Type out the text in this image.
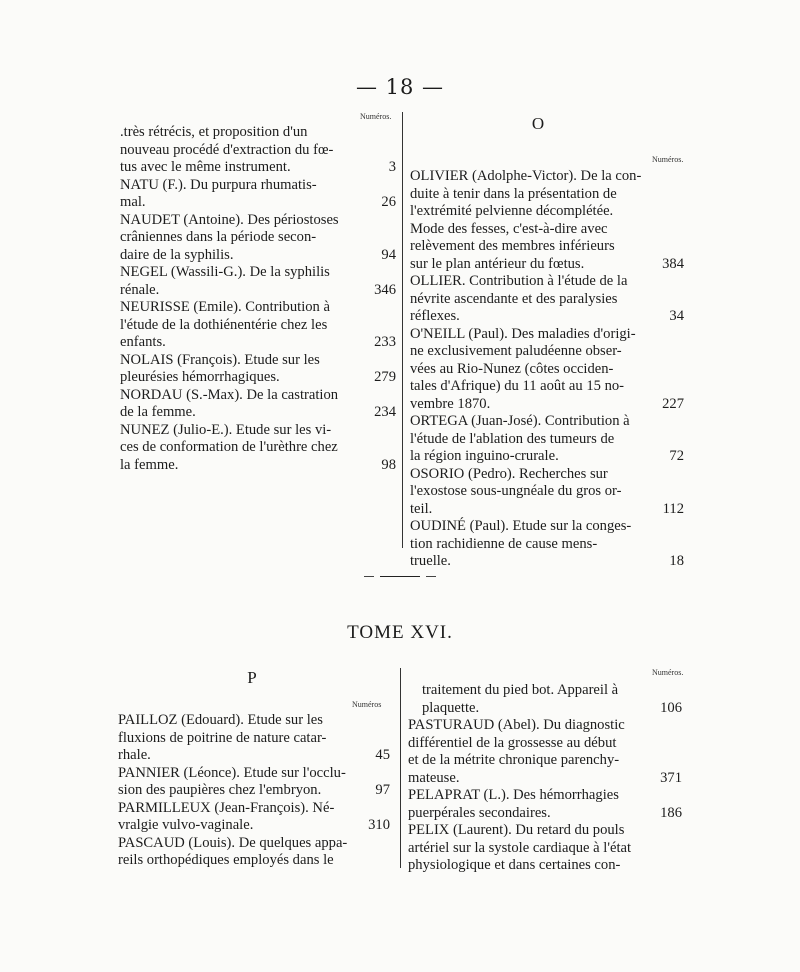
— 18 —
Numéros.
.très rétrécis, et proposition d'un
nouveau procédé d'extraction du fœ-
tus avec le même instrument.	3
NATU (F.). Du purpura rhumatis-
mal.	26
NAUDET (Antoine). Des périostoses
crâniennes dans la période secon-
daire de la syphilis.	94
NEGEL (Wassili-G.). De la syphilis
rénale.	346
NEURISSE (Emile). Contribution à
l'étude de la dothiénentérie chez les
enfants.	233
NOLAIS (François). Etude sur les
pleurésies hémorrhagiques.	279
NORDAU (S.-Max). De la castration
de la femme.	234
NUNEZ (Julio-E.). Etude sur les vi-
ces de conformation de l'urèthre chez
la femme.	98
O
Numéros.
OLIVIER (Adolphe-Victor). De la con-
duite à tenir dans la présentation de
l'extrémité pelvienne décomplétée.
Mode des fesses, c'est-à-dire avec
relèvement des membres inférieurs
sur le plan antérieur du fœtus.	384
OLLIER. Contribution à l'étude de la
névrite ascendante et des paralysies
réflexes.	34
O'NEILL (Paul). Des maladies d'origi-
ne exclusivement paludéenne obser-
vées au Rio-Nunez (côtes occiden-
tales d'Afrique) du 11 août au 15 no-
vembre 1870.	227
ORTEGA (Juan-José). Contribution à
l'étude de l'ablation des tumeurs de
la région inguino-crurale.	72
OSORIO (Pedro). Recherches sur
l'exostose sous-ungnéale du gros or-
teil.	112
OUDINÉ (Paul). Etude sur la conges-
tion rachidienne de cause mens-
truelle.	18
TOME XVI.
P
Numéros
PAILLOZ (Edouard). Etude sur les
fluxions de poitrine de nature catar-
rhale.	45
PANNIER (Léonce). Etude sur l'occlu-
sion des paupières chez l'embryon.	97
PARMILLEUX (Jean-François). Né-
vralgie vulvo-vaginale.	310
PASCAUD (Louis). De quelques appa-
reils orthopédiques employés dans le
Numéros.
traitement du pied bot. Appareil à
plaquette.	106
PASTURAUD (Abel). Du diagnostic
différentiel de la grossesse au début
et de la métrite chronique parenchy-
mateuse.	371
PELAPRAT (L.). Des hémorrhagies
puerpérales secondaires.	186
PELIX (Laurent). Du retard du pouls
artériel sur la systole cardiaque à l'état
physiologique et dans certaines con-
